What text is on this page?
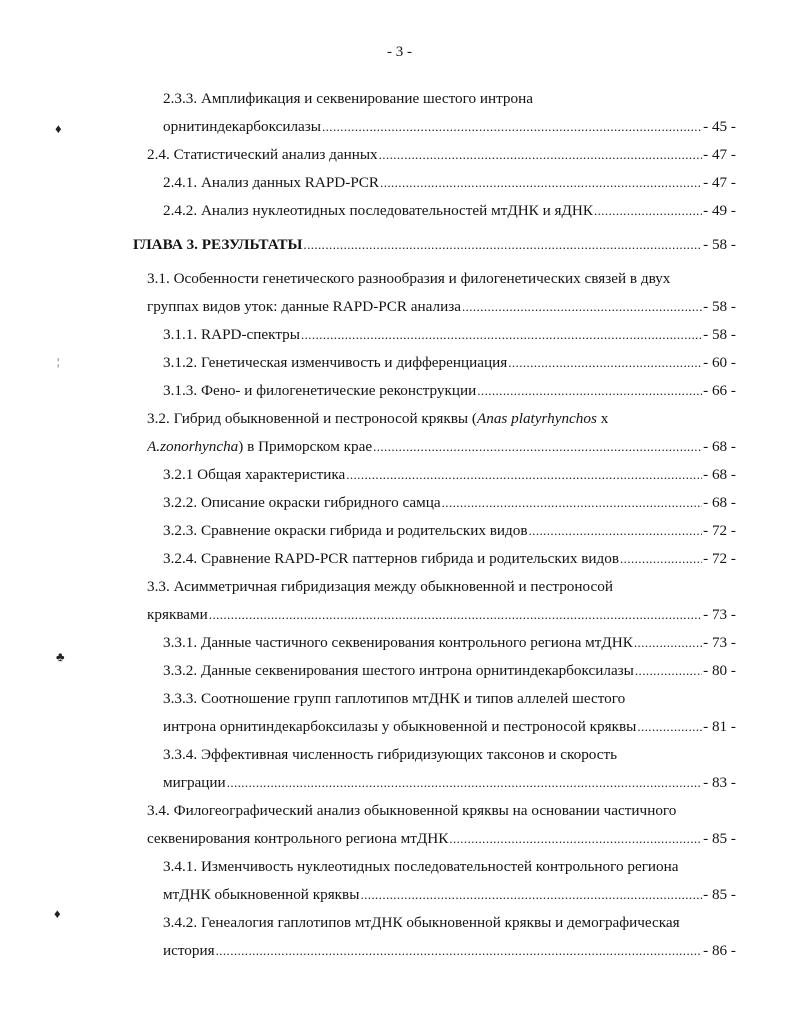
- 3 -
2.3.3. Амплификация и секвенирование шестого интрона
орнитиндекарбоксилазы .....	- 45 -
2.4. Статистический анализ данных .....	- 47 -
2.4.1. Анализ данных RAPD-PCR .....	- 47 -
2.4.2. Анализ нуклеотидных последовательностей мтДНК и яДНК .....	- 49 -
ГЛАВА 3. РЕЗУЛЬТАТЫ .....	- 58 -
3.1. Особенности генетического разнообразия и филогенетических связей в двух
группах видов уток: данные RAPD-PCR анализа .....	- 58 -
3.1.1. RAPD-спектры .....	- 58 -
3.1.2. Генетическая изменчивость и дифференциация .....	- 60 -
3.1.3. Фено- и филогенетические реконструкции .....	- 66 -
3.2. Гибрид обыкновенной и пестроносой кряквы (Anas platyrhynchos x
A.zonorhyncha) в Приморском крае .....	- 68 -
3.2.1 Общая характеристика .....	- 68 -
3.2.2. Описание окраски гибридного самца .....	- 68 -
3.2.3. Сравнение окраски гибрида и родительских видов .....	- 72 -
3.2.4. Сравнение RAPD-PCR паттернов гибрида и родительских видов .....	- 72 -
3.3. Асимметричная гибридизация между обыкновенной и пестроносой
кряквами .....	- 73 -
3.3.1. Данные частичного секвенирования контрольного региона мтДНК .....	- 73 -
3.3.2. Данные секвенирования шестого интрона орнитиндекарбоксилазы .....	- 80 -
3.3.3. Соотношение групп гаплотипов мтДНК и типов аллелей шестого
интрона орнитиндекарбоксилазы у обыкновенной и пестроносой кряквы .....	- 81 -
3.3.4. Эффективная численность гибридизующих таксонов и скорость
миграции .....	- 83 -
3.4. Филогеографический анализ обыкновенной кряквы на основании частичного
секвенирования контрольного региона мтДНК .....	- 85 -
3.4.1. Изменчивость нуклеотидных последовательностей контрольного региона
мтДНК обыкновенной кряквы .....	- 85 -
3.4.2. Генеалогия гаплотипов мтДНК обыкновенной кряквы и демографическая
история .....	- 86 -
♦
¦
♣
♦
